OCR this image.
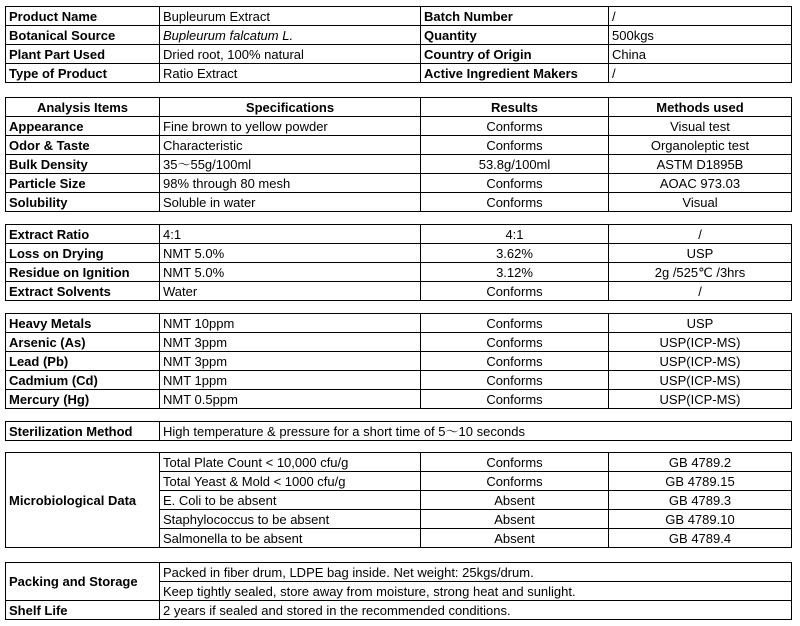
Product Name	Bupleurum Extract	Batch Number	/
Botanical Source	Bupleurum falcatum L.	Quantity	500kgs
Plant Part Used	Dried root, 100% natural	Country of Origin	China
Type of Product	Ratio Extract	Active Ingredient Makers	/
Analysis Items	Specifications	Results	Methods used
Appearance	Fine brown to yellow powder	Conforms	Visual test
Odor & Taste	Characteristic	Conforms	Organoleptic test
Bulk Density	35～55g/100ml	53.8g/100ml	ASTM D1895B
Particle Size	98% through 80 mesh	Conforms	AOAC 973.03
Solubility	Soluble in water	Conforms	Visual
Extract Ratio	4:1	4:1	/
Loss on Drying	NMT 5.0%	3.62%	USP
Residue on Ignition	NMT 5.0%	3.12%	2g /525℃ /3hrs
Extract Solvents	Water	Conforms	/
Heavy Metals	NMT 10ppm	Conforms	USP
Arsenic (As)	NMT 3ppm	Conforms	USP(ICP-MS)
Lead (Pb)	NMT 3ppm	Conforms	USP(ICP-MS)
Cadmium (Cd)	NMT 1ppm	Conforms	USP(ICP-MS)
Mercury (Hg)	NMT 0.5ppm	Conforms	USP(ICP-MS)
Sterilization Method	High temperature & pressure for a short time of 5～10 seconds
Microbiological Data	Total Plate Count < 10,000 cfu/g	Conforms	GB 4789.2
	Total Yeast & Mold < 1000 cfu/g	Conforms	GB 4789.15
	E. Coli to be absent	Absent	GB 4789.3
	Staphylococcus to be absent	Absent	GB 4789.10
	Salmonella to be absent	Absent	GB 4789.4
Packing and Storage	Packed in fiber drum, LDPE bag inside. Net weight: 25kgs/drum.
	Keep tightly sealed, store away from moisture, strong heat and sunlight.
Shelf Life	2 years if sealed and stored in the recommended conditions.
